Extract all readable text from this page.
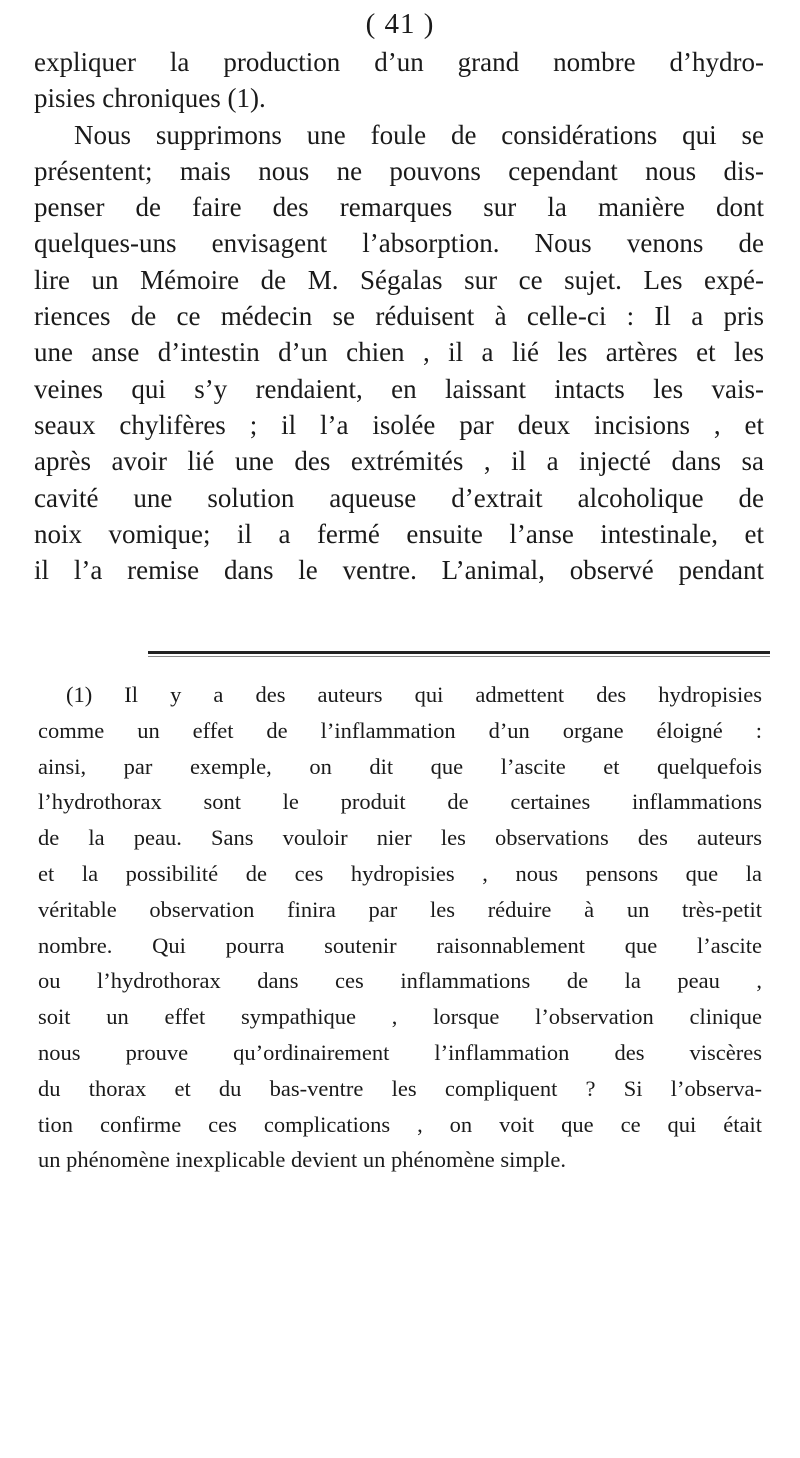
( 41 )
expliquer la production d’un grand nombre d’hydro-
pisies chroniques (1).
Nous supprimons une foule de considérations qui se
présentent; mais nous ne pouvons cependant nous dis-
penser de faire des remarques sur la manière dont
quelques-uns envisagent l’absorption. Nous venons de
lire un Mémoire de M. Ségalas sur ce sujet. Les expé-
riences de ce médecin se réduisent à celle-ci : Il a pris
une anse d’intestin d’un chien , il a lié les artères et les
veines qui s’y rendaient, en laissant intacts les vais-
seaux chylifères ; il l’a isolée par deux incisions , et
après avoir lié une des extrémités , il a injecté dans sa
cavité une solution aqueuse d’extrait alcoholique de
noix vomique; il a fermé ensuite l’anse intestinale, et
il l’a remise dans le ventre. L’animal, observé pendant
(1) Il y a des auteurs qui admettent des hydropisies
comme un effet de l’inflammation d’un organe éloigné :
ainsi, par exemple, on dit que l’ascite et quelquefois
l’hydrothorax sont le produit de certaines inflammations
de la peau. Sans vouloir nier les observations des auteurs
et la possibilité de ces hydropisies , nous pensons que la
véritable observation finira par les réduire à un très-petit
nombre. Qui pourra soutenir raisonnablement que l’ascite
ou l’hydrothorax dans ces inflammations de la peau ,
soit un effet sympathique , lorsque l’observation clinique
nous prouve qu’ordinairement l’inflammation des viscères
du thorax et du bas-ventre les compliquent ? Si l’observa-
tion confirme ces complications , on voit que ce qui était
un phénomène inexplicable devient un phénomène simple.
